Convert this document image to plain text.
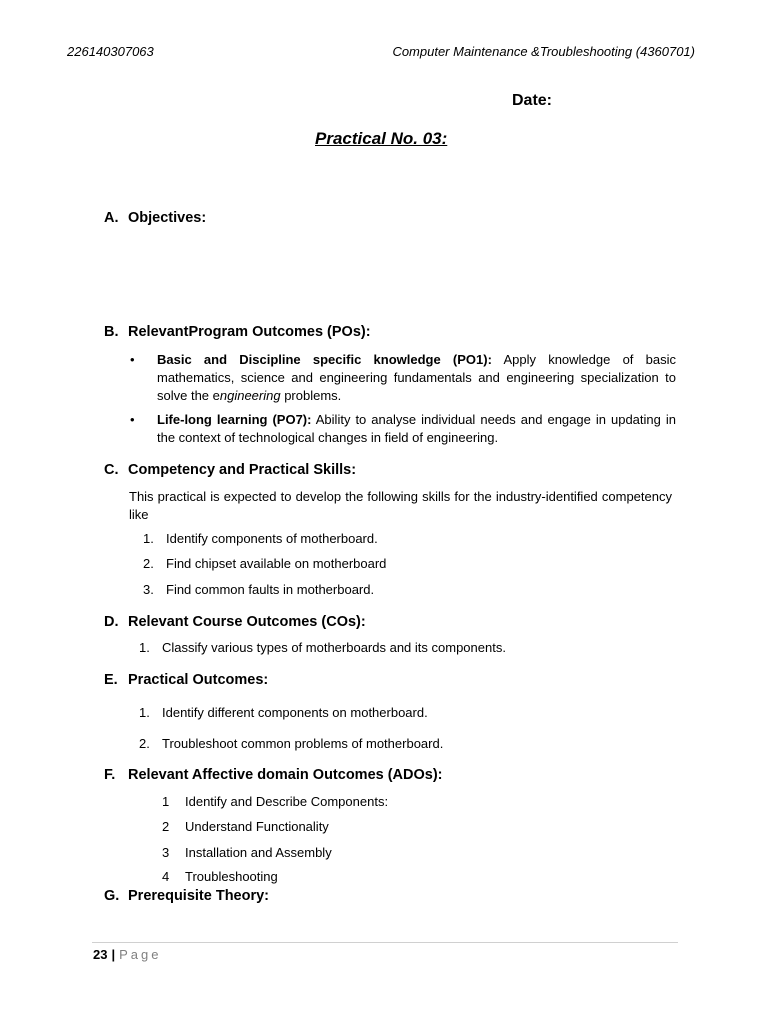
226140307063	Computer Maintenance &Troubleshooting (4360701)
Date:
Practical No. 03:
A. Objectives:
B. RelevantProgram Outcomes (POs):
•	Basic and Discipline specific knowledge (PO1): Apply knowledge of basic mathematics, science and engineering fundamentals and engineering specialization to solve the engineering problems.
•	Life-long learning (PO7): Ability to analyse individual needs and engage in updating in the context of technological changes in field of engineering.
C. Competency and Practical Skills:
This practical is expected to develop the following skills for the industry-identified competency like
1. Identify components of motherboard.
2. Find chipset available on motherboard
3. Find common faults in motherboard.
D. Relevant Course Outcomes (COs):
1. Classify various types of motherboards and its components.
E. Practical Outcomes:
1. Identify different components on motherboard.
2. Troubleshoot common problems of motherboard.
F. Relevant Affective domain Outcomes (ADOs):
1	Identify and Describe Components:
2	Understand Functionality
3	Installation and Assembly
4	Troubleshooting
G. Prerequisite Theory:
23 | Page
